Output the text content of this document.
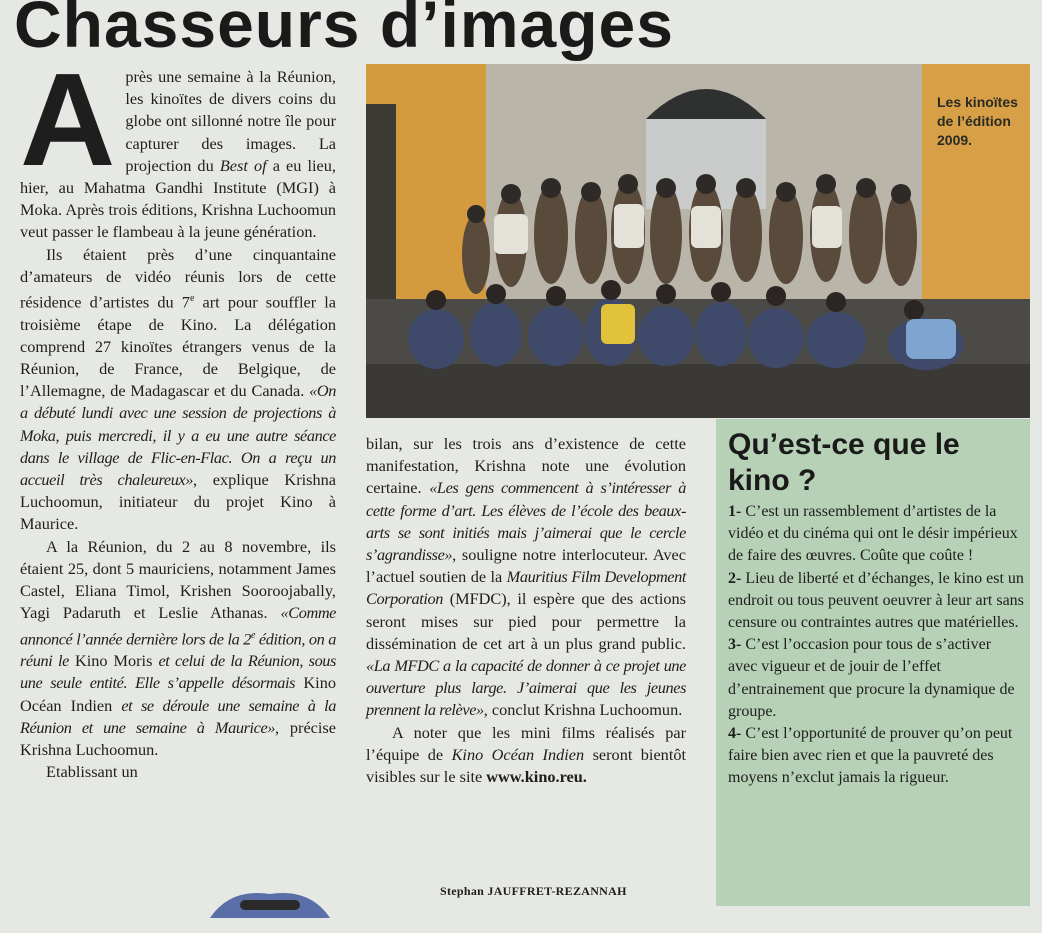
Chasseurs d’images
Les kinoïtes de l’édition 2009.

Après une semaine à la Réunion, les kinoïtes de divers coins du globe ont sillonné notre île pour capturer des images. La projection du Best of a eu lieu, hier, au Mahatma Gandhi Institute (MGI) à Moka. Après trois éditions, Krishna Luchoomun veut passer le flambeau à la jeune génération.

Ils étaient près d’une cinquantaine d’amateurs de vidéo réunis lors de cette résidence d’artistes du 7e art pour souffler la troisième étape de Kino. La délégation comprend 27 kinoïtes étrangers venus de la Réunion, de France, de Belgique, de l’Allemagne, de Madagascar et du Canada. «On a débuté lundi avec une session de projections à Moka, puis mercredi, il y a eu une autre séance dans le village de Flic-en-Flac. On a reçu un accueil très chaleureux», explique Krishna Luchoomun, initiateur du projet Kino à Maurice.

A la Réunion, du 2 au 8 novembre, ils étaient 25, dont 5 mauriciens, notamment James Castel, Eliana Timol, Krishen Sooroojabally, Yagi Padaruth et Leslie Athanas. «Comme annoncé l’année dernière lors de la 2e édition, on a réuni le Kino Moris et celui de la Réunion, sous une seule entité. Elle s’appelle désormais Kino Océan Indien et se déroule une semaine à la Réunion et une semaine à Maurice», précise Krishna Luchoomun.

Etablissant un

bilan, sur les trois ans d’existence de cette manifestation, Krishna note une évolution certaine. «Les gens commencent à s’intéresser à cette forme d’art. Les élèves de l’école des beaux-arts se sont initiés mais j’aimerai que le cercle s’agrandisse», souligne notre interlocuteur. Avec l’actuel soutien de la Mauritius Film Development Corporation (MFDC), il espère que des actions seront mises sur pied pour permettre la dissémination de cet art à un plus grand public. «La MFDC a la capacité de donner à ce projet une ouverture plus large. J’aimerai que les jeunes prennent la relève», conclut Krishna Luchoomun.

A noter que les mini films réalisés par l’équipe de Kino Océan Indien seront bientôt visibles sur le site www.kino.reu.

Stephan JAUFFRET-REZANNAH
Qu’est-ce que le kino ?

1- C’est un rassemblement d’artistes de la vidéo et du cinéma qui ont le désir impérieux de faire des œuvres. Coûte que coûte !

2- Lieu de liberté et d’échanges, le kino est un endroit ou tous peuvent oeuvrer à leur art sans censure ou contraintes autres que matérielles.

3- C’est l’occasion pour tous de s’activer avec vigueur et de jouir de l’effet d’entrainement que procure la dynamique de groupe.

4- C’est l’opportunité de prouver qu’on peut faire bien avec rien et que la pauvreté des moyens n’exclut jamais la rigueur.
